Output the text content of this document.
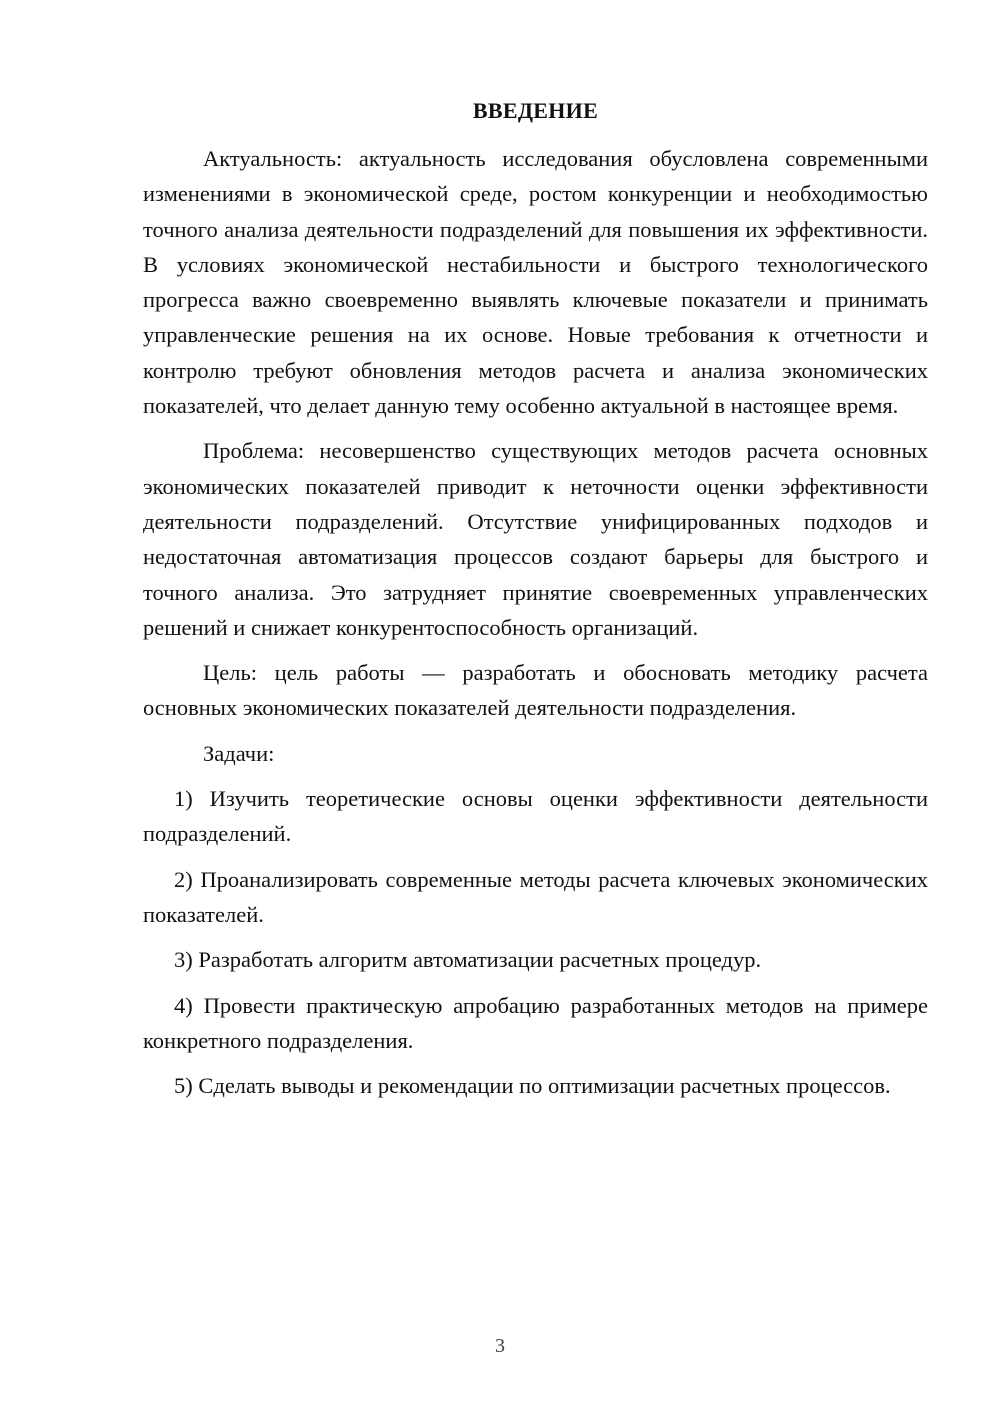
ВВЕДЕНИЕ

Актуальность: актуальность исследования обусловлена современными изменениями в экономической среде, ростом конкуренции и необходимостью точного анализа деятельности подразделений для повышения их эффективности. В условиях экономической нестабильности и быстрого технологического прогресса важно своевременно выявлять ключевые показатели и принимать управленческие решения на их основе. Новые требования к отчетности и контролю требуют обновления методов расчета и анализа экономических показателей, что делает данную тему особенно актуальной в настоящее время.

Проблема: несовершенство существующих методов расчета основных экономических показателей приводит к неточности оценки эффективности деятельности подразделений. Отсутствие унифицированных подходов и недостаточная автоматизация процессов создают барьеры для быстрого и точного анализа. Это затрудняет принятие своевременных управленческих решений и снижает конкурентоспособность организаций.

Цель: цель работы — разработать и обосновать методику расчета основных экономических показателей деятельности подразделения.

Задачи:

1) Изучить теоретические основы оценки эффективности деятельности подразделений.

2) Проанализировать современные методы расчета ключевых экономических показателей.

3) Разработать алгоритм автоматизации расчетных процедур.

4) Провести практическую апробацию разработанных методов на примере конкретного подразделения.

5) Сделать выводы и рекомендации по оптимизации расчетных процессов.

3
